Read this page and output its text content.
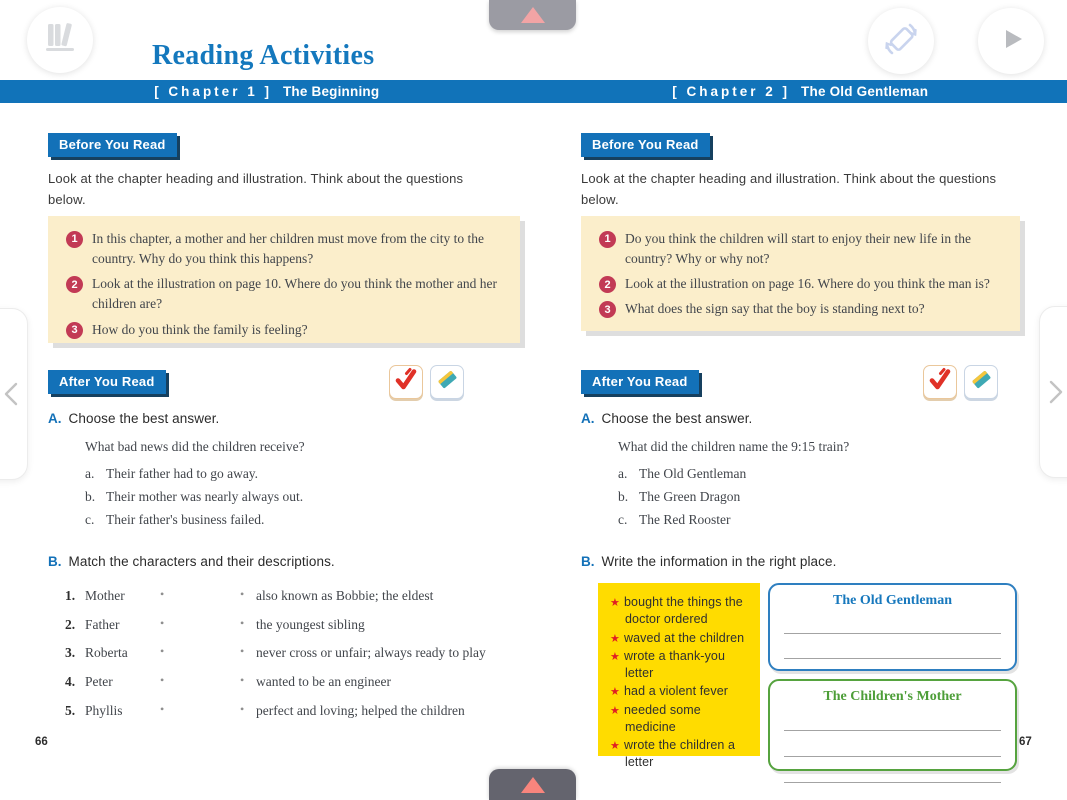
Reading Activities
[ Chapter 1 ] The Beginning	[ Chapter 2 ] The Old Gentleman
Before You Read

Look at the chapter heading and illustration. Think about the questions below.

1	In this chapter, a mother and her children must move from the city to the country. Why do you think this happens?
2	Look at the illustration on page 10. Where do you think the mother and her children are?
3	How do you think the family is feeling?
After You Read
A. Choose the best answer.

What bad news did the children receive?

a. Their father had to go away.
b. Their mother was nearly always out.
c. Their father's business failed.
B. Match the characters and their descriptions.
1. Mother • •	also known as Bobbie; the eldest
2. Father • •	the youngest sibling
3. Roberta • •	never cross or unfair; always ready to play
4. Peter • •	wanted to be an engineer
5. Phyllis • •	perfect and loving; helped the children
Before You Read

Look at the chapter heading and illustration. Think about the questions below.

1	Do you think the children will start to enjoy their new life in the country? Why or why not?
2	Look at the illustration on page 16. Where do you think the man is?
3	What does the sign say that the boy is standing next to?
After You Read
A. Choose the best answer.

What did the children name the 9:15 train?

a. The Old Gentleman
b. The Green Dragon
c. The Red Rooster
B. Write the information in the right place.
★ bought the things the doctor ordered
★ waved at the children
★ wrote a thank-you letter
★ had a violent fever
★ needed some medicine
★ wrote the children a letter
The Old Gentleman
The Children's Mother
66	67
